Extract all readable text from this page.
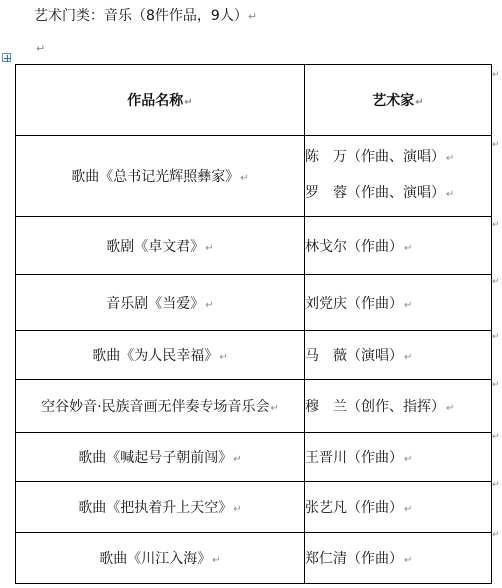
艺术门类：音乐（8件作品，9人）↵
↵
作品名称↵	艺术家↵
歌曲《总书记光辉照彝家》↵	陈　万（作曲、演唱）↵
罗　蓉（作曲、演唱）↵

歌剧《卓文君》↵	林戈尔（作曲）↵
音乐剧《当爱》↵	刘党庆（作曲）↵
歌曲《为人民幸福》↵	马　薇（演唱）↵
空谷妙音·民族音画无伴奏专场音乐会↵	穆　兰（创作、指挥）↵
歌曲《喊起号子朝前闯》↵	王晋川（作曲）↵
歌曲《把执着升上天空》↵	张艺凡（作曲）↵
歌曲《川江入海》↵	郑仁清（作曲）↵
↵
↵
↵
↵
↵
↵
↵
↵
↵
